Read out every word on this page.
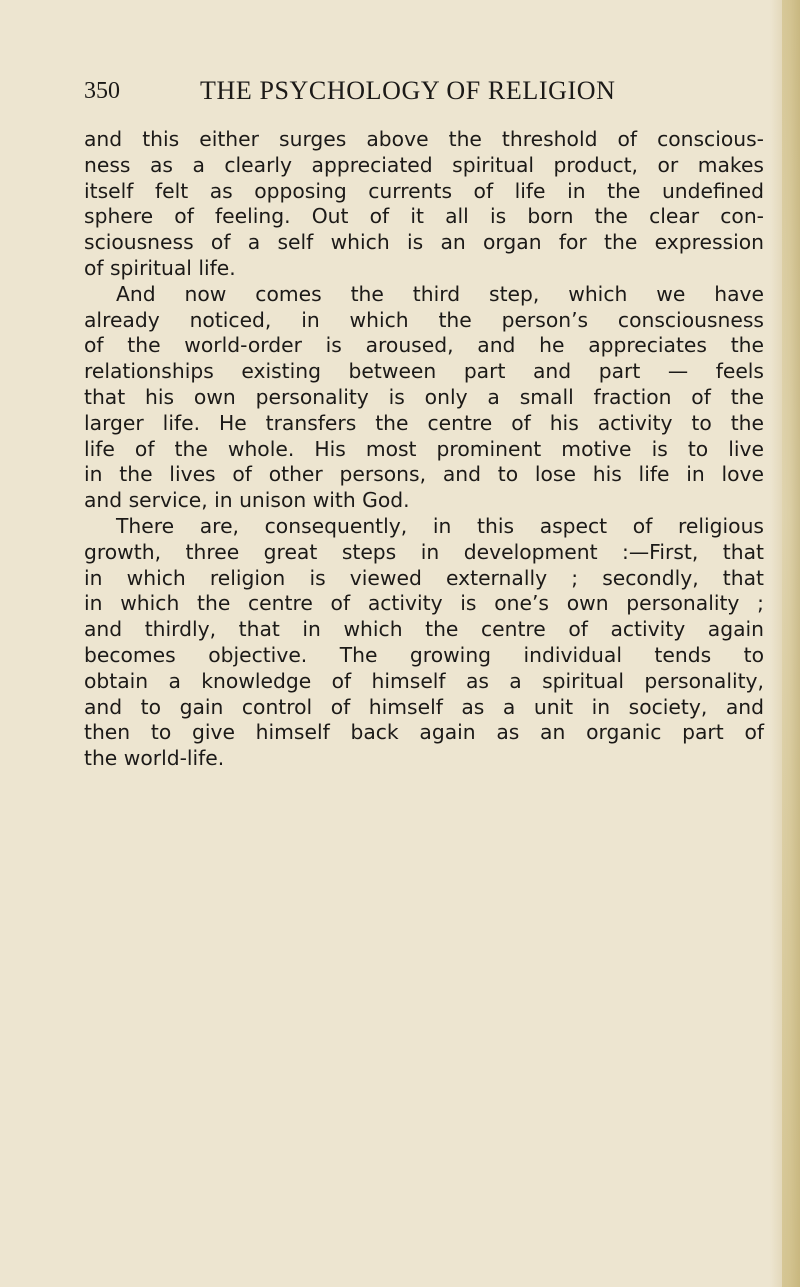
350	THE PSYCHOLOGY OF RELIGION
and this either surges above the threshold of conscious-
ness as a clearly appreciated spiritual product, or makes
itself felt as opposing currents of life in the undefined
sphere of feeling. Out of it all is born the clear con-
sciousness of a self which is an organ for the expression
of spiritual life.
And now comes the third step, which we have
already noticed, in which the person’s consciousness
of the world-order is aroused, and he appreciates the
relationships existing between part and part — feels
that his own personality is only a small fraction of the
larger life. He transfers the centre of his activity to the
life of the whole. His most prominent motive is to live
in the lives of other persons, and to lose his life in love
and service, in unison with God.
There are, consequently, in this aspect of religious
growth, three great steps in development :—First, that
in which religion is viewed externally ; secondly, that
in which the centre of activity is one’s own personality ;
and thirdly, that in which the centre of activity again
becomes objective. The growing individual tends to
obtain a knowledge of himself as a spiritual personality,
and to gain control of himself as a unit in society, and
then to give himself back again as an organic part of
the world-life.
